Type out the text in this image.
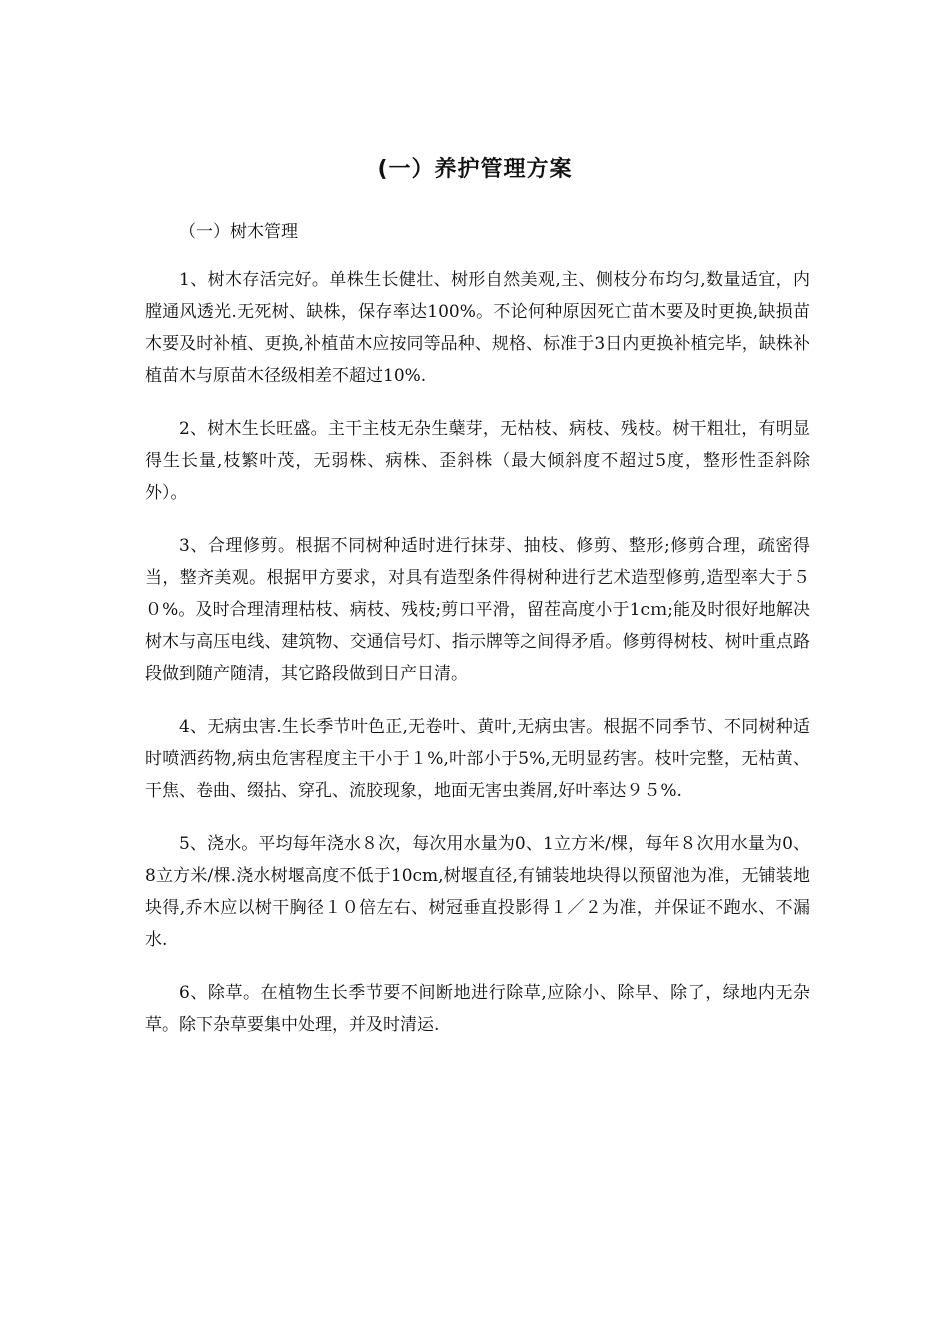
(一）养护管理方案

（一）树木管理

1、树木存活完好。单株生长健壮、树形自然美观,主、侧枝分布均匀,数量适宜，内膛通风透光.无死树、缺株，保存率达100%。不论何种原因死亡苗木要及时更换,缺损苗木要及时补植、更换,补植苗木应按同等品种、规格、标准于3日内更换补植完毕，缺株补植苗木与原苗木径级相差不超过10%.

2、树木生长旺盛。主干主枝无杂生蘖芽，无枯枝、病枝、残枝。树干粗壮，有明显得生长量,枝繁叶茂，无弱株、病株、歪斜株（最大倾斜度不超过5度，整形性歪斜除外）。

3、合理修剪。根据不同树种适时进行抹芽、抽枝、修剪、整形;修剪合理，疏密得当，整齐美观。根据甲方要求，对具有造型条件得树种进行艺术造型修剪,造型率大于５０%。及时合理清理枯枝、病枝、残枝;剪口平滑，留茬高度小于1cｍ;能及时很好地解决树木与高压电线、建筑物、交通信号灯、指示牌等之间得矛盾。修剪得树枝、树叶重点路段做到随产随清，其它路段做到日产日清。

4、无病虫害.生长季节叶色正,无卷叶、黄叶,无病虫害。根据不同季节、不同树种适时喷洒药物,病虫危害程度主干小于１%,叶部小于5%,无明显药害。枝叶完整，无枯黄、干焦、卷曲、缀拈、穿孔、流胶现象，地面无害虫粪屑,好叶率达９５%.

5、浇水。平均每年浇水８次，每次用水量为0、1立方米/棵，每年８次用水量为0、8立方米/棵.浇水树堰高度不低于10cm,树堰直径,有铺装地块得以预留池为准，无铺装地块得,乔木应以树干胸径１０倍左右、树冠垂直投影得１／２为准，并保证不跑水、不漏水.

6、除草。在植物生长季节要不间断地进行除草,应除小、除早、除了，绿地内无杂草。除下杂草要集中处理，并及时清运.
